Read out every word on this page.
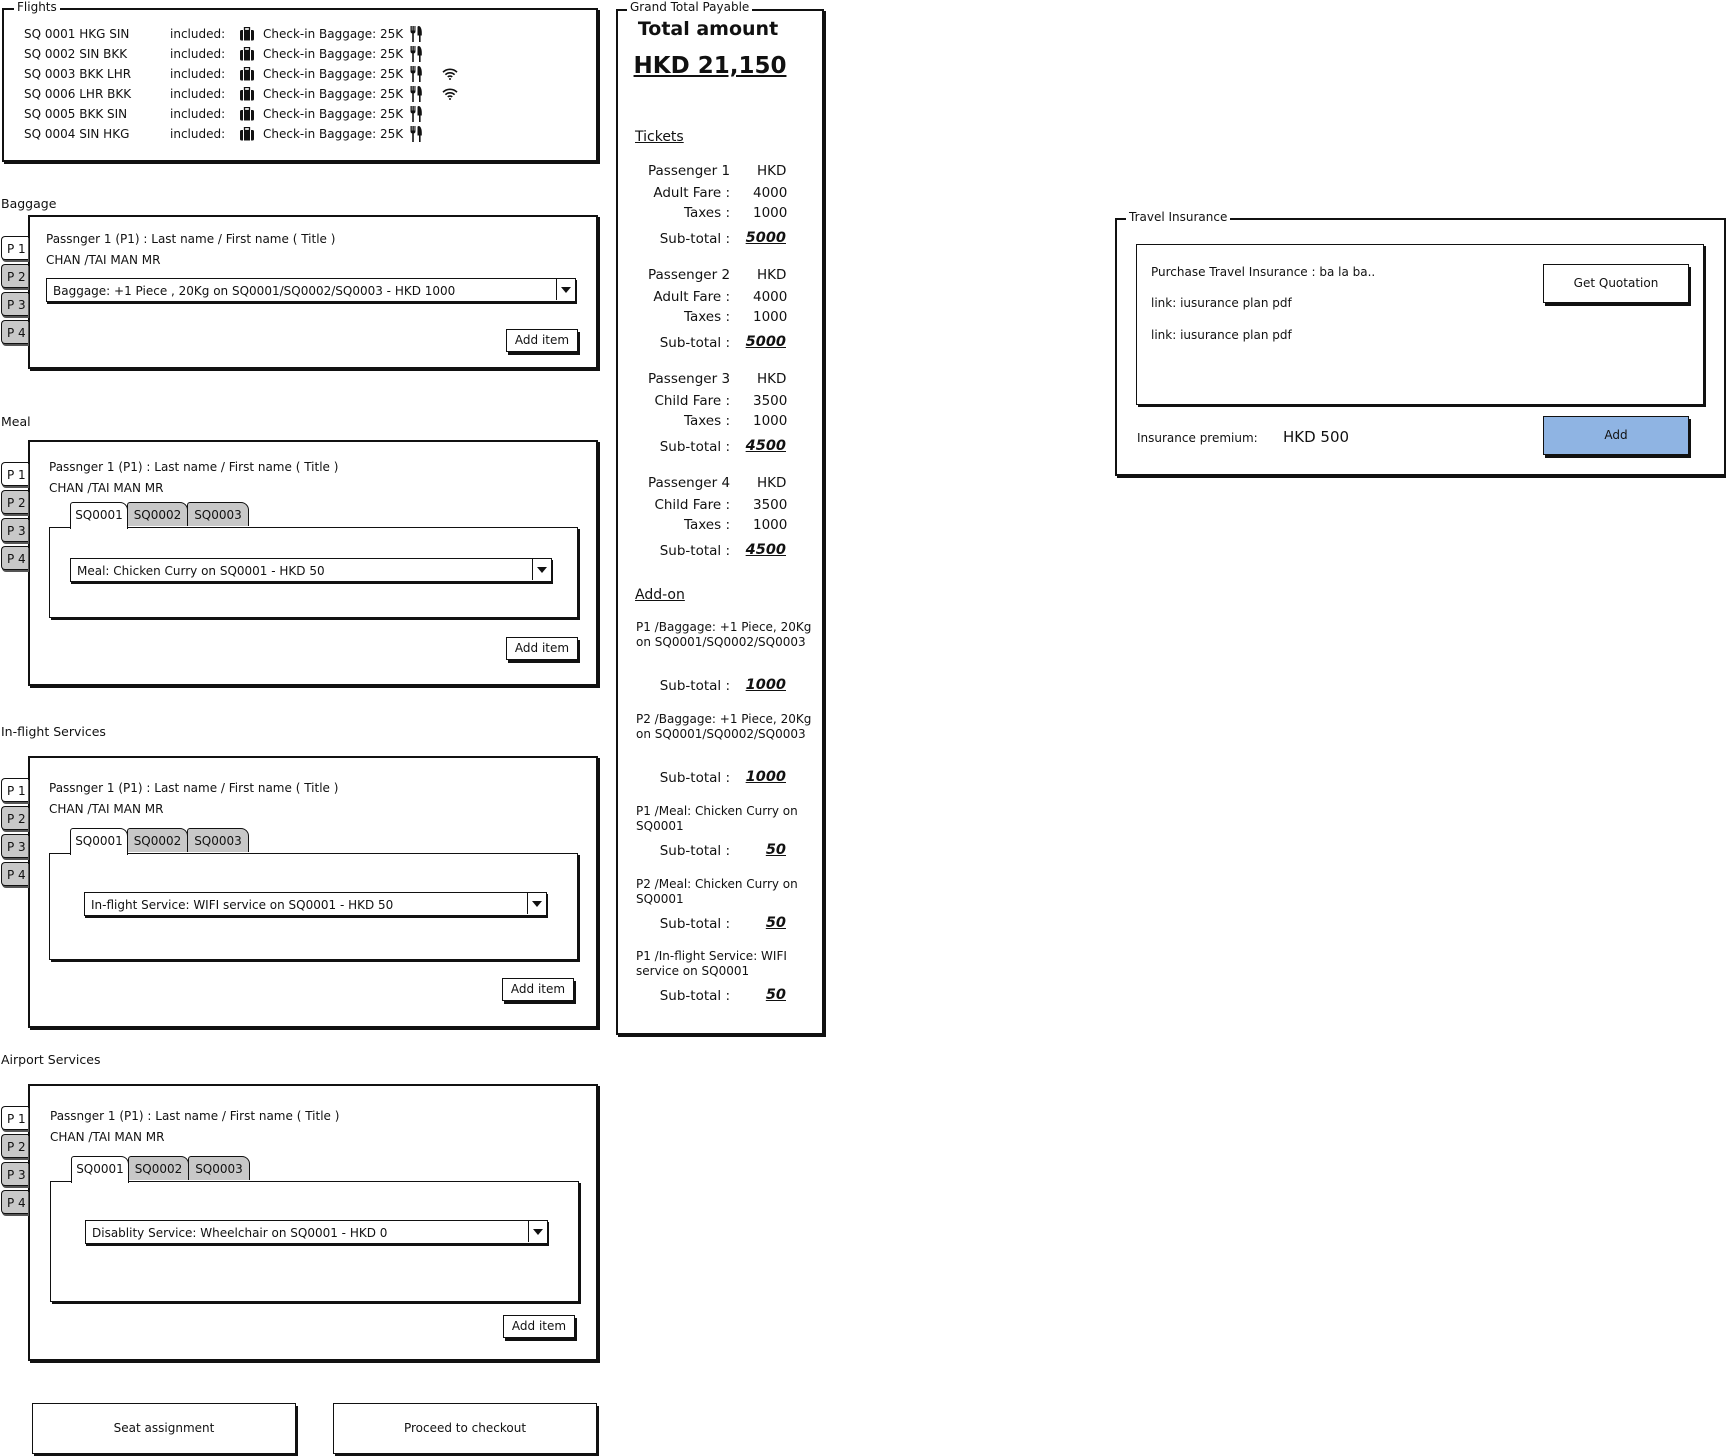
Flights
SQ 0001 HKG SIN	included:	Check-in Baggage: 25K
SQ 0002 SIN BKK	included:	Check-in Baggage: 25K
SQ 0003 BKK LHR	included:	Check-in Baggage: 25K
SQ 0006 LHR BKK	included:	Check-in Baggage: 25K
SQ 0005 BKK SIN	included:	Check-in Baggage: 25K
SQ 0004 SIN HKG	included:	Check-in Baggage: 25K
Baggage
Passnger 1 (P1) : Last name / First name ( Title )
CHAN /TAI MAN MR
Baggage: +1 Piece , 20Kg on SQ0001/SQ0002/SQ0003 - HKD 1000
Add item
Meal
Passnger 1 (P1) : Last name / First name ( Title )
CHAN /TAI MAN MR
SQ0001 SQ0002	SQ0003
Meal: Chicken Curry on SQ0001 - HKD 50
Add item
In-flight Services
Passnger 1 (P1) : Last name / First name ( Title )
CHAN /TAI MAN MR
SQ0001 SQ0002	SQ0003
In-flight Service: WIFI service on SQ0001 - HKD 50
Add item
Airport Services
Passnger 1 (P1) : Last name / First name ( Title )
CHAN /TAI MAN MR
SQ0001 SQ0002	SQ0003
Disablity Service: Wheelchair on SQ0001 - HKD 0
Add item
Seat assignment	Proceed to checkout
Grand Total Payable
Total amount
HKD 21,150
Tickets
Passenger 1 HKD
Adult Fare : 4000
Taxes : 1000
Sub-total :	5000
Passenger 2 HKD
Adult Fare : 4000
Taxes : 1000
Sub-total :	5000
Passenger 3 HKD
Child Fare : 3500
Taxes : 1000
Sub-total :	4500
Passenger 4 HKD
Child Fare : 3500
Taxes : 1000
Sub-total :	4500
Add-on
P1 /Baggage: +1 Piece, 20Kg on SQ0001/SQ0002/SQ0003
Sub-total :	1000
P2 /Baggage: +1 Piece, 20Kg on SQ0001/SQ0002/SQ0003
Sub-total :	1000
P1 /Meal: Chicken Curry on SQ0001
Sub-total :	50
P2 /Meal: Chicken Curry on SQ0001
Sub-total :	50
P1 /In-flight Service: WIFI service on SQ0001
Sub-total :	50
Travel Insurance
Purchase Travel Insurance : ba la ba..
link: iusurance plan pdf
link: iusurance plan pdf
Get Quotation
Insurance premium: HKD 500	Add
P 1
P 2
P 3
P 4
P 1
P 2
P 3
P 4
P 1
P 2
P 3
P 4
P 1
P 2
P 3
P 4
